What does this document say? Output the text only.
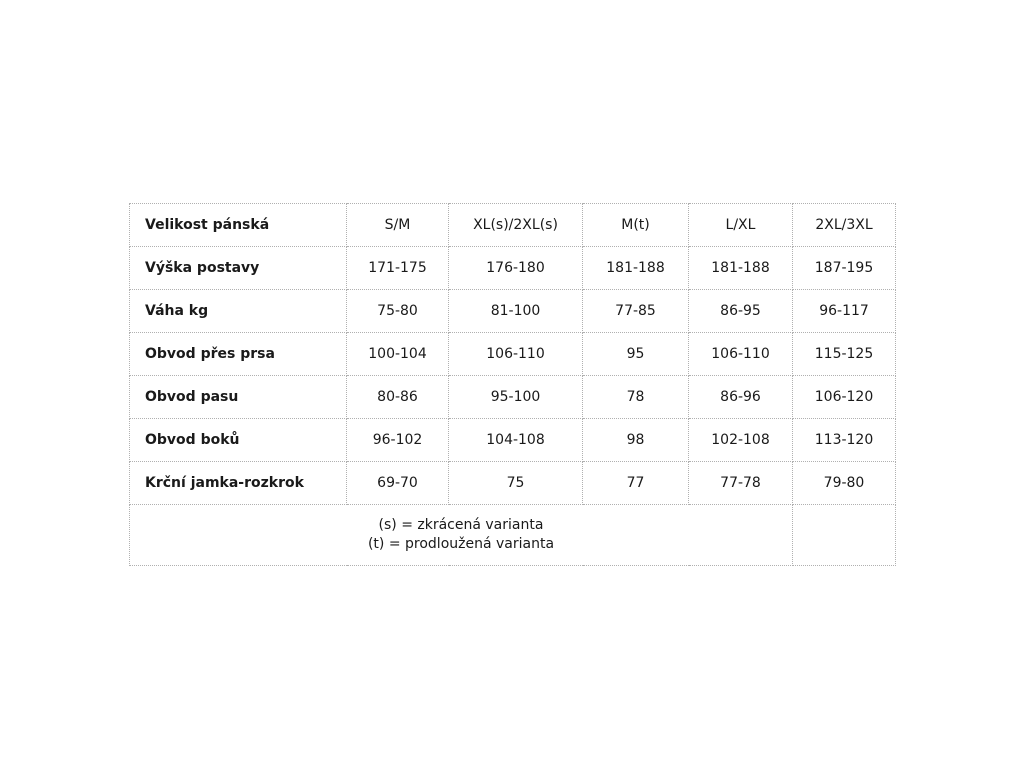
Velikost pánská	S/M	XL(s)/2XL(s)	M(t)	L/XL	2XL/3XL
Výška postavy	171-175	176-180	181-188	181-188	187-195
Váha kg	75-80	81-100	77-85	86-95	96-117
Obvod přes prsa	100-104	106-110	95	106-110	115-125
Obvod pasu	80-86	95-100	78	86-96	106-120
Obvod boků	96-102	104-108	98	102-108	113-120
Krční jamka-rozkrok	69-70	75	77	77-78	79-80

(s) = zkrácená varianta
(t) = prodloužená varianta					
